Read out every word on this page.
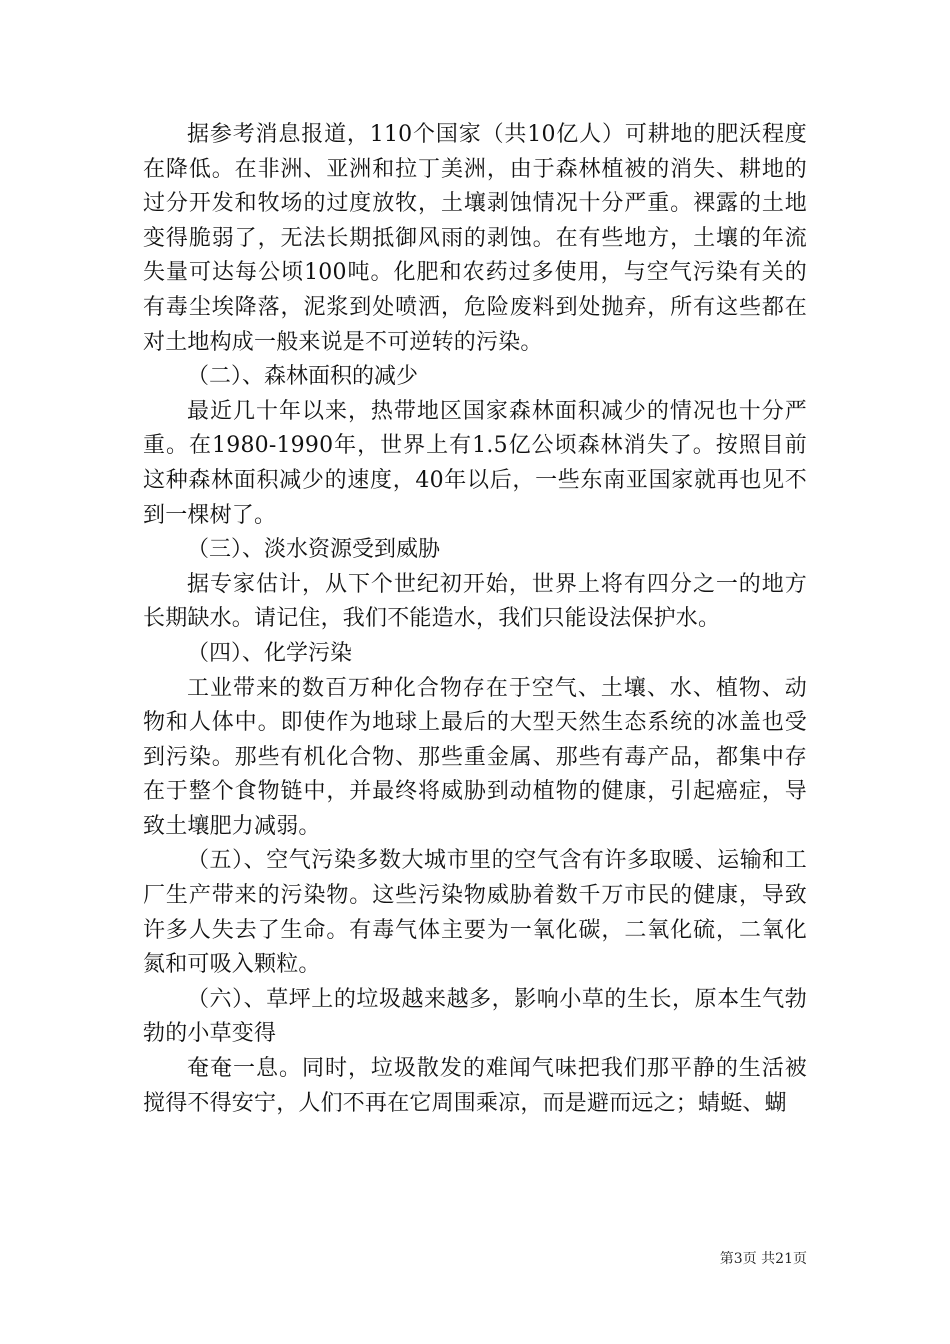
据参考消息报道，110个国家（共10亿人）可耕地的肥沃程度在降低。在非洲、亚洲和拉丁美洲，由于森林植被的消失、耕地的过分开发和牧场的过度放牧，土壤剥蚀情况十分严重。裸露的土地变得脆弱了，无法长期抵御风雨的剥蚀。在有些地方，土壤的年流失量可达每公顷100吨。化肥和农药过多使用，与空气污染有关的有毒尘埃降落，泥浆到处喷洒，危险废料到处抛弃，所有这些都在对土地构成一般来说是不可逆转的污染。

（二）、森林面积的减少

最近几十年以来，热带地区国家森林面积减少的情况也十分严重。在1980-1990年，世界上有1.5亿公顷森林消失了。按照目前这种森林面积减少的速度，40年以后，一些东南亚国家就再也见不到一棵树了。

（三）、淡水资源受到威胁

据专家估计，从下个世纪初开始，世界上将有四分之一的地方长期缺水。请记住，我们不能造水，我们只能设法保护水。

（四）、化学污染

工业带来的数百万种化合物存在于空气、土壤、水、植物、动物和人体中。即使作为地球上最后的大型天然生态系统的冰盖也受到污染。那些有机化合物、那些重金属、那些有毒产品，都集中存在于整个食物链中，并最终将威胁到动植物的健康，引起癌症，导致土壤肥力减弱。

（五）、空气污染多数大城市里的空气含有许多取暖、运输和工厂生产带来的污染物。这些污染物威胁着数千万市民的健康，导致许多人失去了生命。有毒气体主要为一氧化碳，二氧化硫，二氧化氮和可吸入颗粒。

（六）、草坪上的垃圾越来越多，影响小草的生长，原本生气勃勃的小草变得

奄奄一息。同时，垃圾散发的难闻气味把我们那平静的生活被搅得不得安宁，人们不再在它周围乘凉，而是避而远之；蜻蜓、蝴

第3页 共21页
